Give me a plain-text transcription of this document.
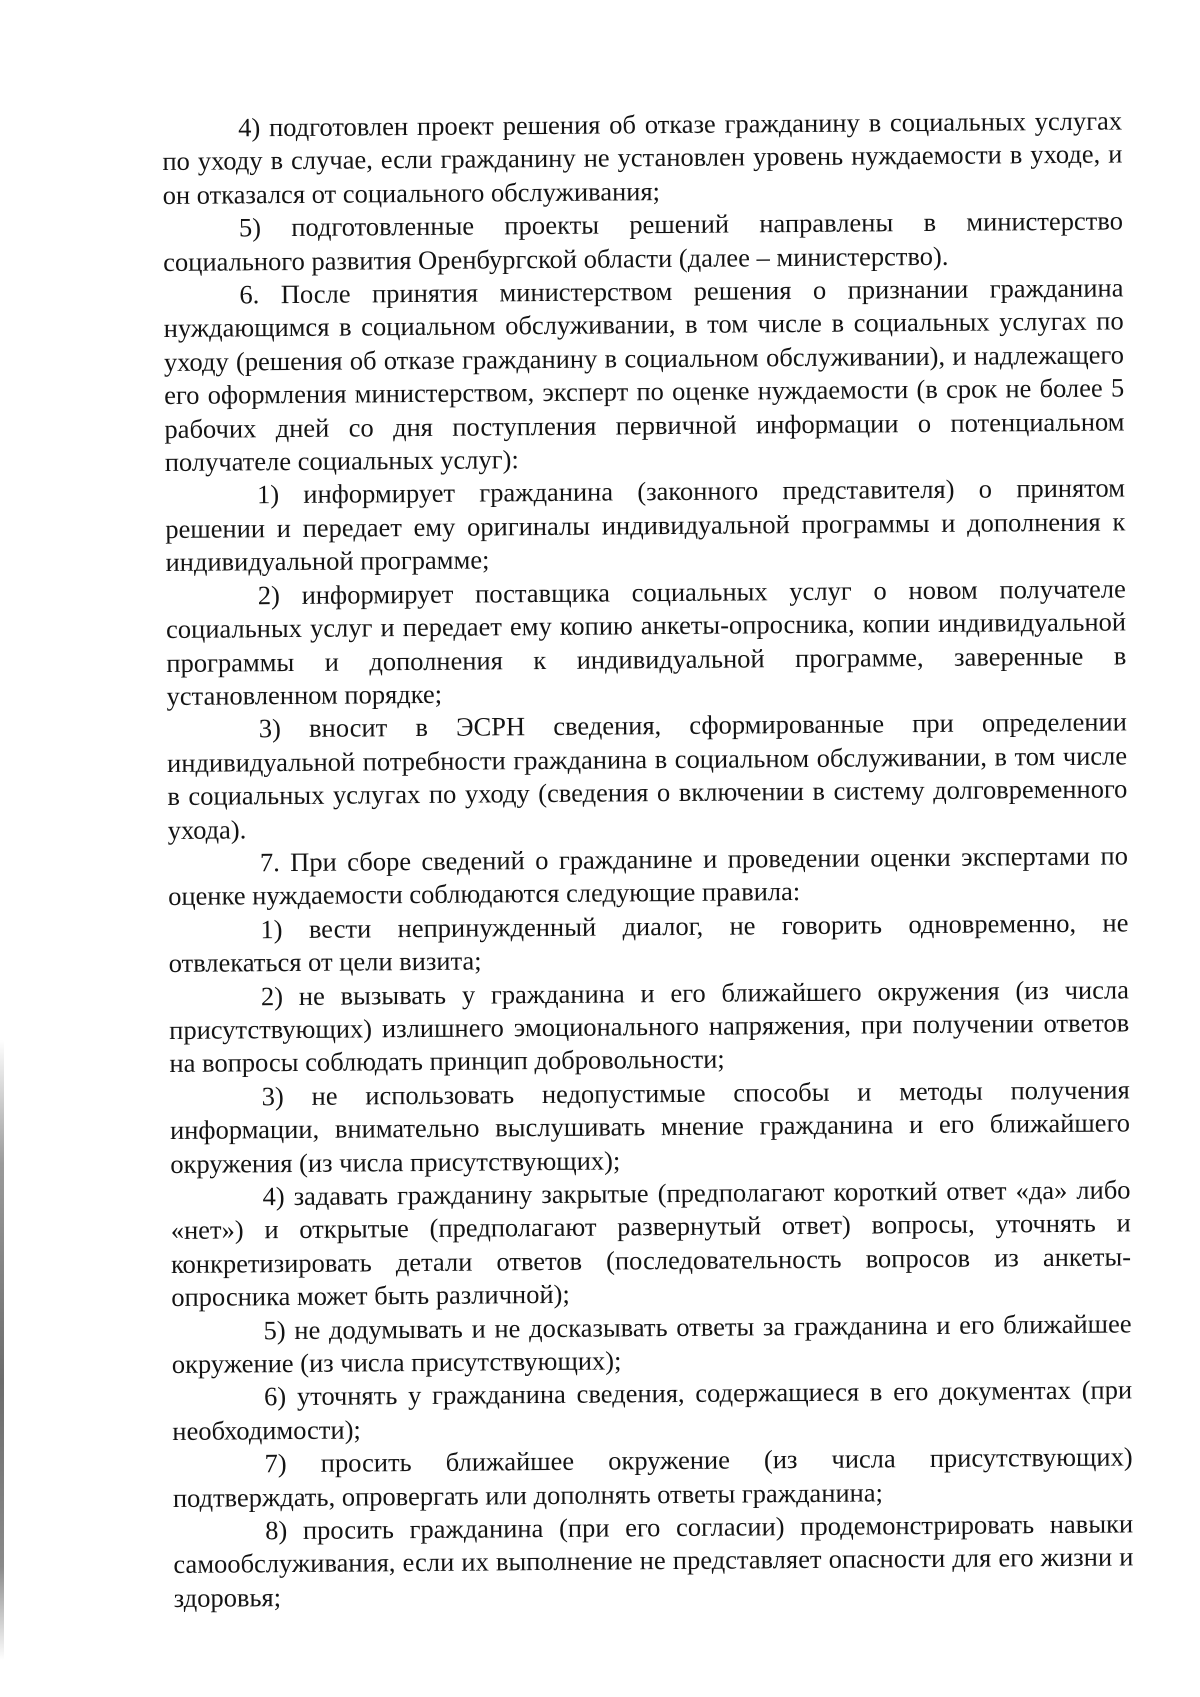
4) подготовлен проект решения об отказе гражданину в социальных услугах по уходу в случае, если гражданину не установлен уровень нуждаемости в уходе, и он отказался от социального обслуживания;

5) подготовленные проекты решений направлены в министерство социального развития Оренбургской области (далее – министерство).

6. После принятия министерством решения о признании гражданина нуждающимся в социальном обслуживании, в том числе в социальных услугах по уходу (решения об отказе гражданину в социальном обслуживании), и надлежащего его оформления министерством, эксперт по оценке нуждаемости (в срок не более 5 рабочих дней со дня поступления первичной информации о потенциальном получателе социальных услуг):

1) информирует гражданина (законного представителя) о принятом решении и передает ему оригиналы индивидуальной программы и дополнения к индивидуальной программе;

2) информирует поставщика социальных услуг о новом получателе социальных услуг и передает ему копию анкеты-опросника, копии индивидуальной программы и дополнения к индивидуальной программе, заверенные в установленном порядке;

3) вносит в ЭСРН сведения, сформированные при определении индивидуальной потребности гражданина в социальном обслуживании, в том числе в социальных услугах по уходу (сведения о включении в систему долговременного ухода).

7. При сборе сведений о гражданине и проведении оценки экспертами по оценке нуждаемости соблюдаются следующие правила:

1) вести непринужденный диалог, не говорить одновременно, не отвлекаться от цели визита;

2) не вызывать у гражданина и его ближайшего окружения (из числа присутствующих) излишнего эмоционального напряжения, при получении ответов на вопросы соблюдать принцип добровольности;

3) не использовать недопустимые способы и методы получения информации, внимательно выслушивать мнение гражданина и его ближайшего окружения (из числа присутствующих);

4) задавать гражданину закрытые (предполагают короткий ответ «да» либо «нет») и открытые (предполагают развернутый ответ) вопросы, уточнять и конкретизировать детали ответов (последовательность вопросов из анкеты-опросника может быть различной);

5) не додумывать и не досказывать ответы за гражданина и его ближайшее окружение (из числа присутствующих);

6) уточнять у гражданина сведения, содержащиеся в его документах (при необходимости);

7) просить ближайшее окружение (из числа присутствующих) подтверждать, опровергать или дополнять ответы гражданина;

8) просить гражданина (при его согласии) продемонстрировать навыки самообслуживания, если их выполнение не представляет опасности для его жизни и здоровья;
